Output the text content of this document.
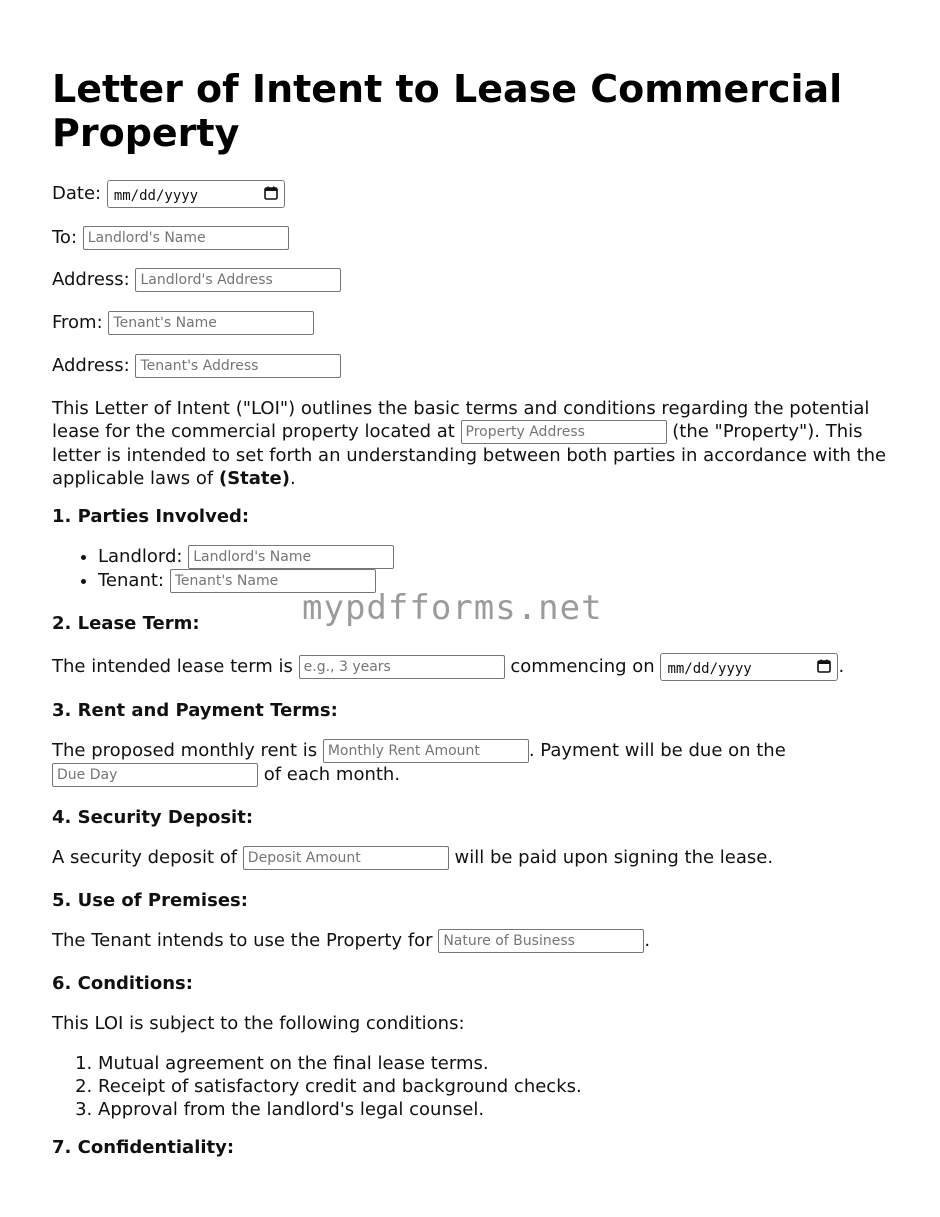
Letter of Intent to Lease Commercial Property
Date: mm/dd/yyyy
To: Landlord's Name
Address: Landlord's Address
From: Tenant's Name
Address: Tenant's Address
This Letter of Intent ("LOI") outlines the basic terms and conditions regarding the potential lease for the commercial property located at Property Address	(the "Property"). This letter is intended to set forth an understanding between both parties in accordance with the applicable laws of (State).
1. Parties Involved:
• Landlord: Landlord's Name
• Tenant: Tenant's Name
2. Lease Term:
The intended lease term is e.g., 3 years	commencing on mm/dd/yyyy	.
3. Rent and Payment Terms:
The proposed monthly rent is Monthly Rent Amount	. Payment will be due on the
Due Day of each month.
4. Security Deposit:
A security deposit of Deposit Amount	will be paid upon signing the lease.
5. Use of Premises:
The Tenant intends to use the Property for Nature of Business	.
6. Conditions:
This LOI is subject to the following conditions:
1. Mutual agreement on the final lease terms.
2. Receipt of satisfactory credit and background checks.
3. Approval from the landlord's legal counsel.
7. Confidentiality:
mypdfforms.net
